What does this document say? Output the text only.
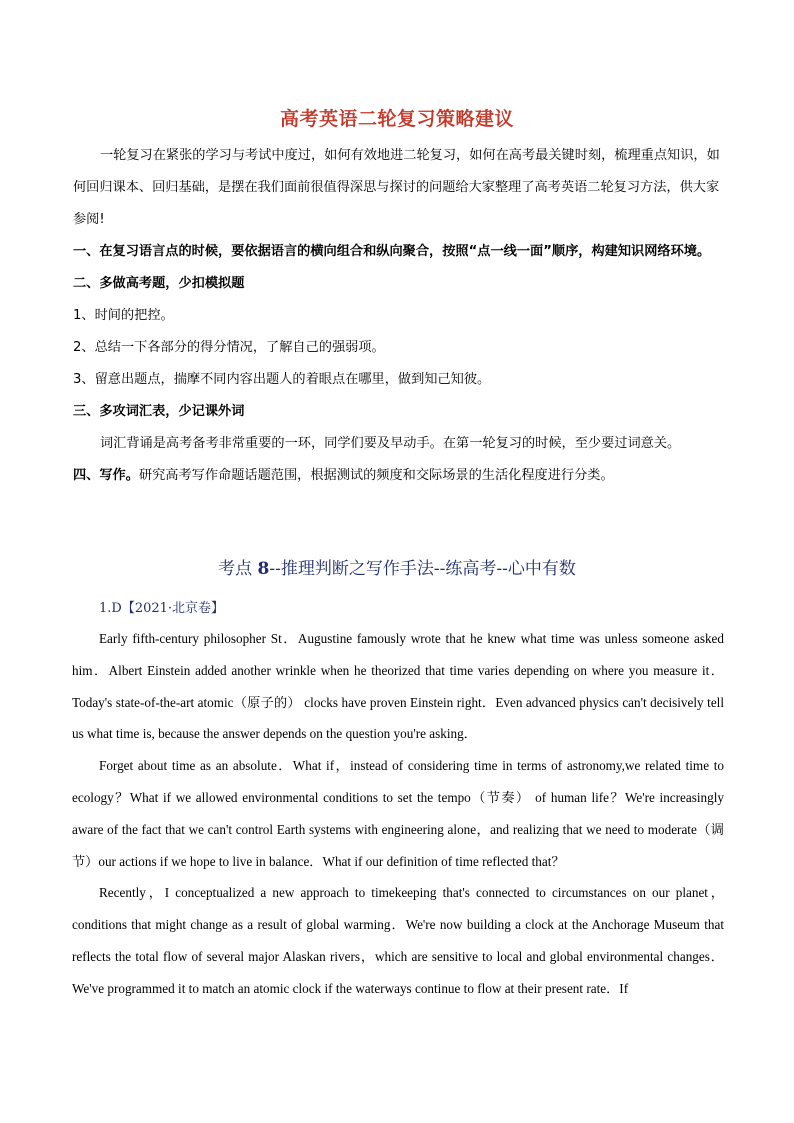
高考英语二轮复习策略建议

一轮复习在紧张的学习与考试中度过，如何有效地进二轮复习，如何在高考最关键时刻，梳理重点知识，如何回归课本、回归基础，是摆在我们面前很值得深思与探讨的问题给大家整理了高考英语二轮复习方法，供大家参阅!

一、在复习语言点的时候，要依据语言的横向组合和纵向聚合，按照“点一线一面”顺序，构建知识网络环境。

二、多做高考题，少扣模拟题

1、时间的把控。

2、总结一下各部分的得分情况，了解自己的强弱项。

3、留意出题点，揣摩不同内容出题人的着眼点在哪里，做到知己知彼。

三、多攻词汇表，少记课外词

词汇背诵是高考备考非常重要的一环，同学们要及早动手。在第一轮复习的时候，至少要过词意关。

四、写作。研究高考写作命题话题范围，根据测试的频度和交际场景的生活化程度进行分类。

考点 8--推理判断之写作手法--练高考--心中有数
1.D【2021·北京卷】

Early fifth-century philosopher St．Augustine famously wrote that he knew what time was unless someone asked him．Albert Einstein added another wrinkle when he theorized that time varies depending on where you measure it．Today's state-of-the-art atomic（原子的） clocks have proven Einstein right．Even advanced physics can't decisively tell us what time is, because the answer depends on the question you're asking．

Forget about time as an absolute．What if，instead of considering time in terms of astronomy,we related time to ecology？What if we allowed environmental conditions to set the tempo（节奏） of human life？We're increasingly aware of the fact that we can't control Earth systems with engineering alone，and realizing that we need to moderate（调节）our actions if we hope to live in balance．What if our definition of time reflected that？

Recently，I conceptualized a new approach to timekeeping that's connected to circumstances on our planet，conditions that might change as a result of global warming．We're now building a clock at the Anchorage Museum that reflects the total flow of several major Alaskan rivers，which are sensitive to local and global environmental changes．We've programmed it to match an atomic clock if the waterways continue to flow at their present rate．If
